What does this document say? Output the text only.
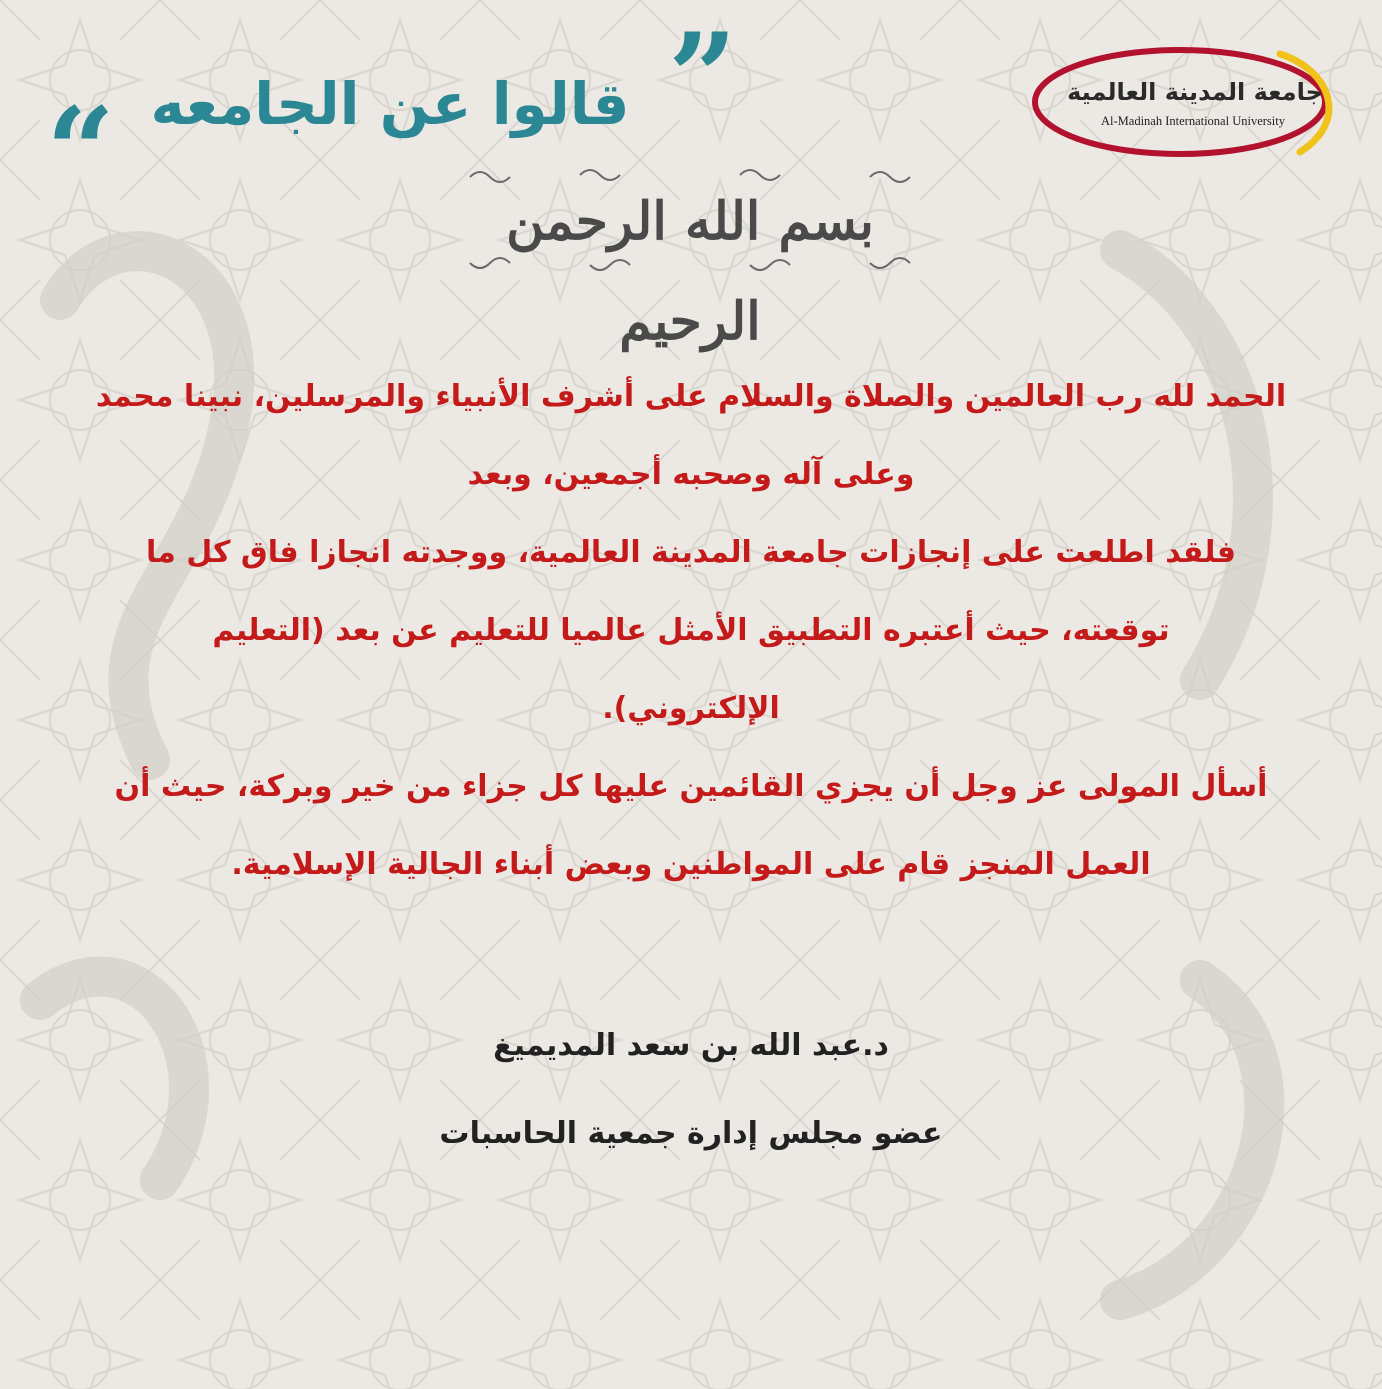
جامعة المدينة العالمية
Al-Madinah International University
”
قالوا عن الجامعه
“	بسم الله الرحمن الرحيم
الحمد لله رب العالمين والصلاة والسلام على أشرف الأنبياء والمرسلين، نبينا محمد
وعلى آله وصحبه أجمعين، وبعد
فلقد اطلعت على إنجازات جامعة المدينة العالمية، ووجدته انجازا فاق كل ما
توقعته، حيث أعتبره التطبيق الأمثل عالميا للتعليم عن بعد (التعليم
الإلكتروني).
أسأل المولى عز وجل أن يجزي القائمين عليها كل جزاء من خير وبركة، حيث أن
العمل المنجز قام على المواطنين وبعض أبناء الجالية الإسلامية.
د.عبد الله بن سعد المديميغ
عضو مجلس إدارة جمعية الحاسبات
